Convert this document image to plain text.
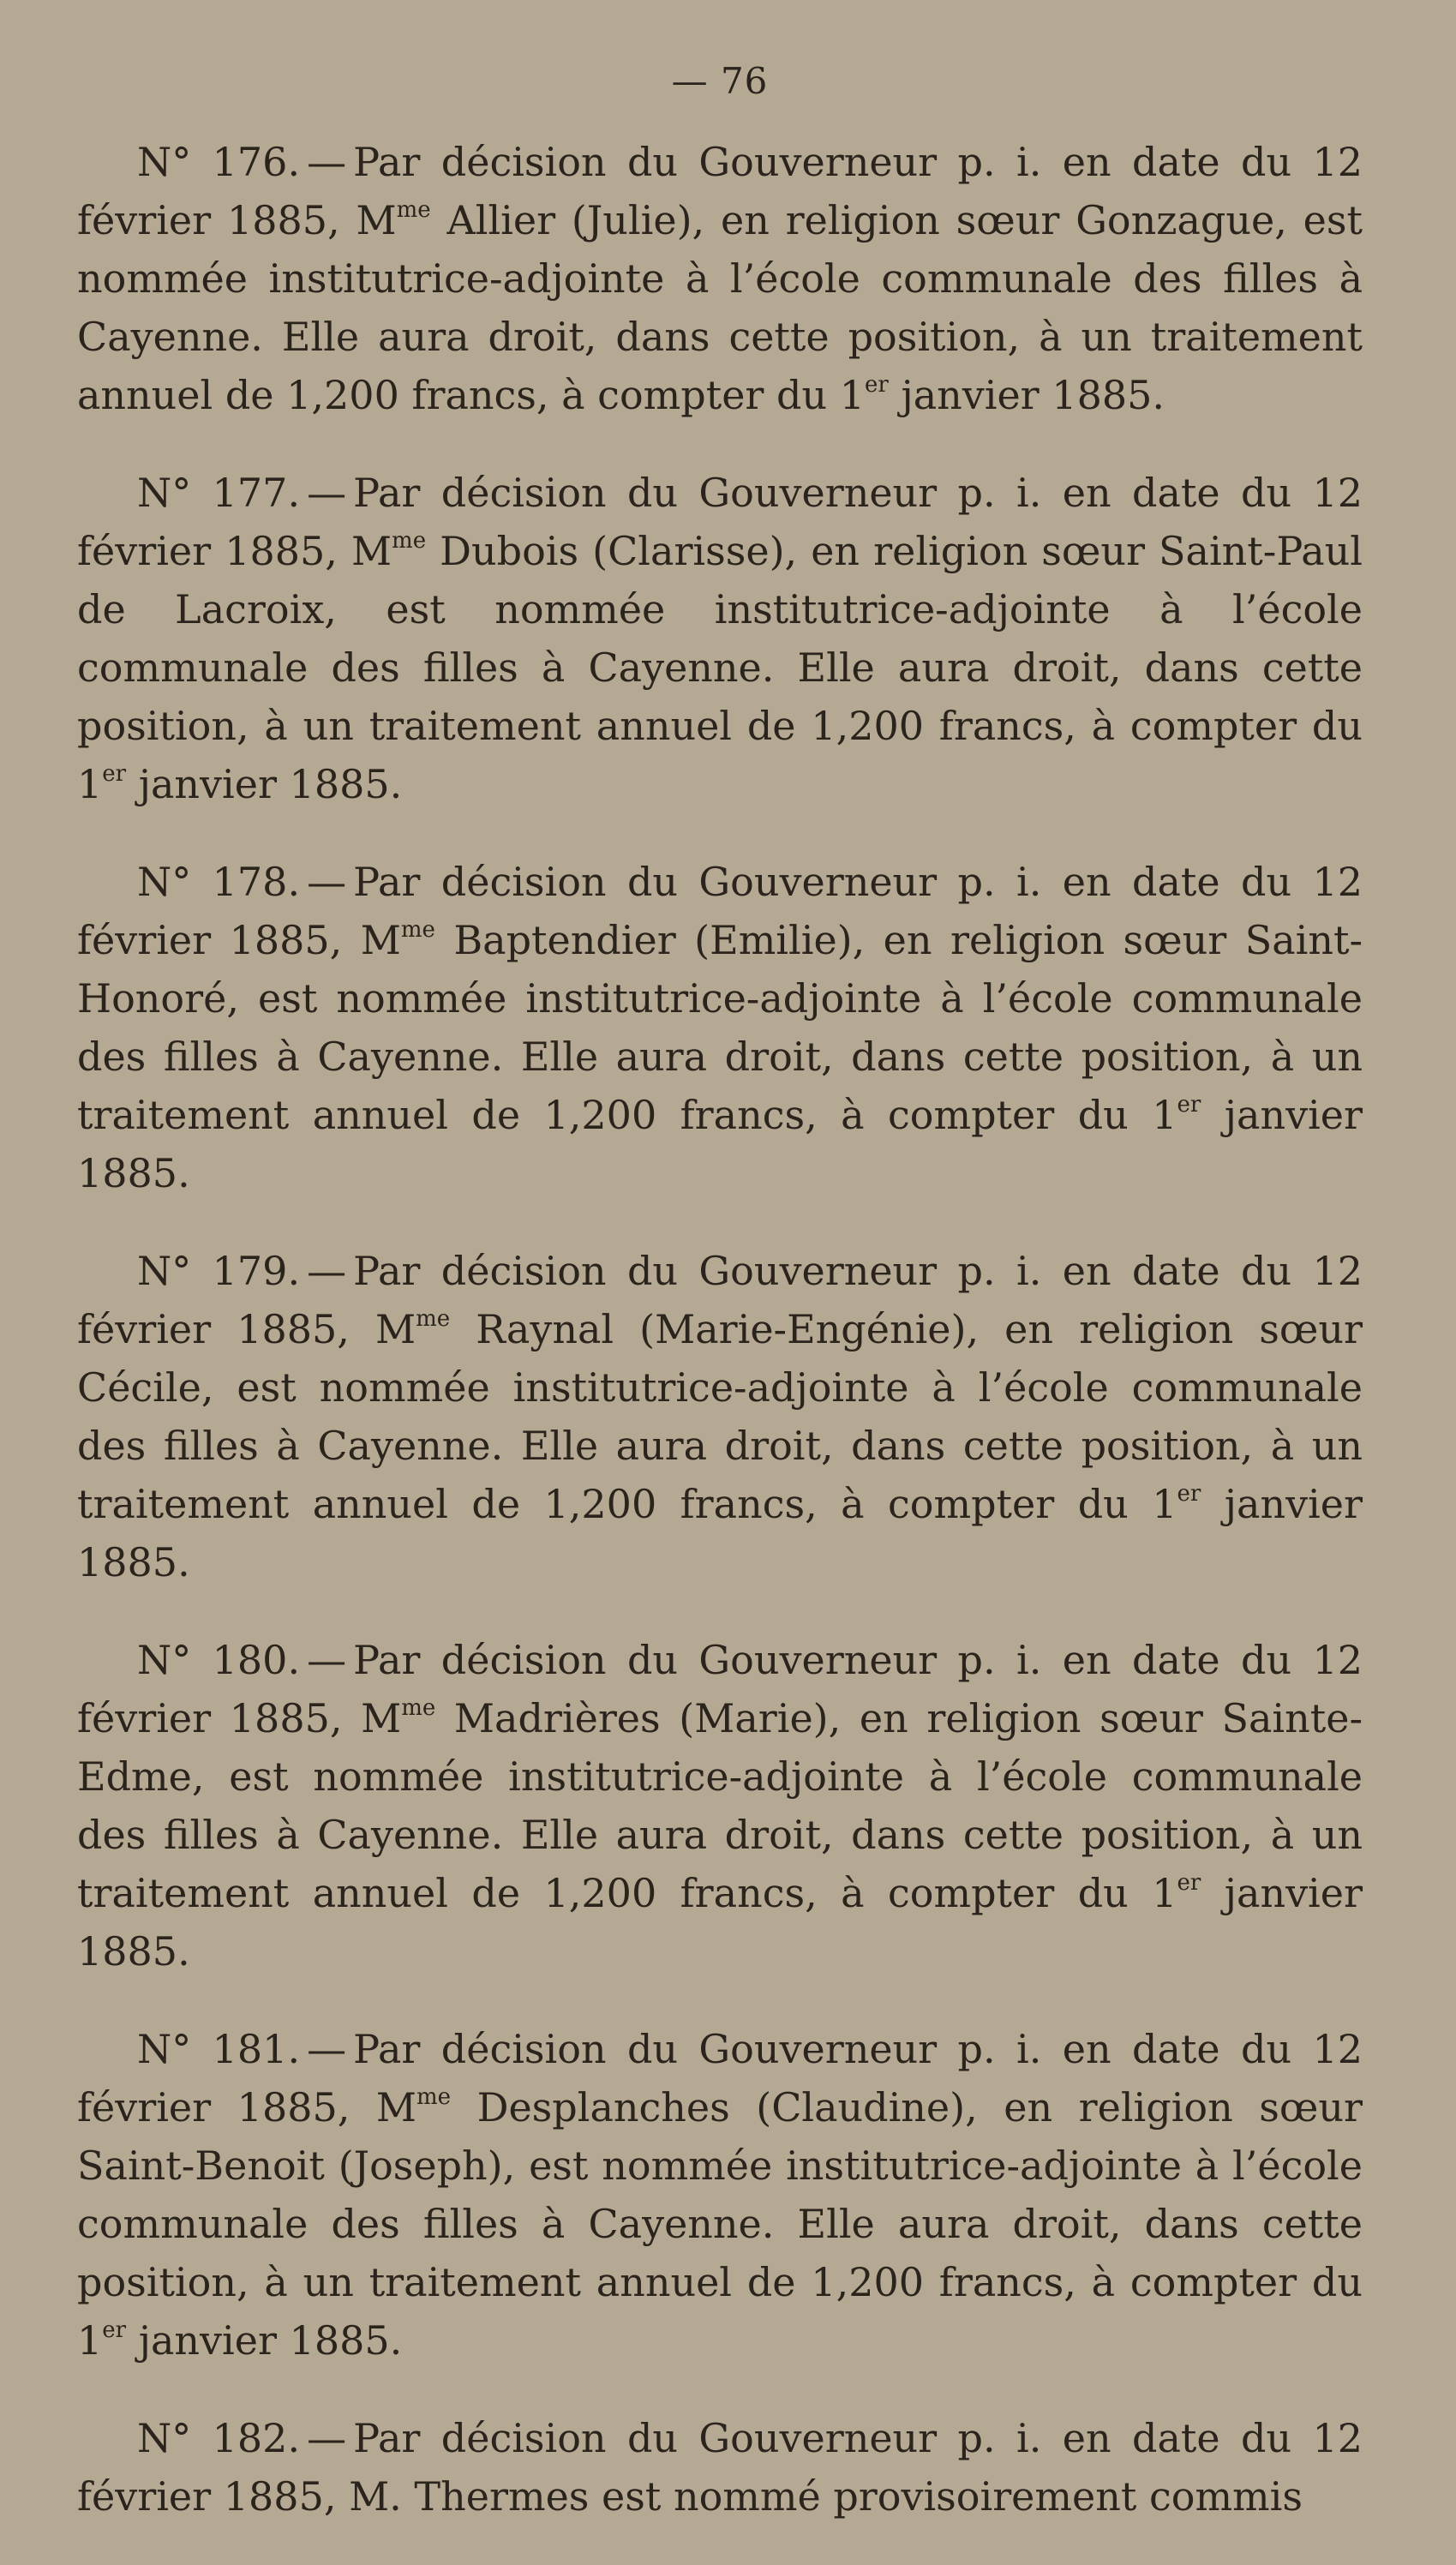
— 76

N° 176. — Par décision du Gouverneur p. i. en date du 12 février 1885, $M^{me}$ Allier (Julie), en religion sœur Gonzague, est nommée institutrice-adjointe à l’école communale des filles à Cayenne. Elle aura droit, dans cette position, à un traitement annuel de 1,200 francs, à compter du 1er janvier 1885.

N° 177. — Par décision du Gouverneur p. i. en date du 12 février 1885, $M^{me}$ Dubois (Clarisse), en religion sœur Saint-Paul de Lacroix, est nommée institutrice-adjointe à l’école communale des filles à Cayenne. Elle aura droit, dans cette position, à un traitement annuel de 1,200 francs, à compter du 1er janvier 1885.

N° 178. — Par décision du Gouverneur p. i. en date du 12 février 1885, $M^{me}$ Baptendier (Emilie), en religion sœur Saint-Honoré, est nommée institutrice-adjointe à l’école communale des filles à Cayenne. Elle aura droit, dans cette position, à un traitement annuel de 1,200 francs, à compter du 1er janvier 1885.

N° 179. — Par décision du Gouverneur p. i. en date du 12 février 1885, $M^{me}$ Raynal (Marie-Engénie), en religion sœur Cécile, est nommée institutrice-adjointe à l’école communale des filles à Cayenne. Elle aura droit, dans cette position, à un traitement annuel de 1,200 francs, à compter du 1er janvier 1885.

N° 180. — Par décision du Gouverneur p. i. en date du 12 février 1885, $M^{me}$ Madrières (Marie), en religion sœur Sainte-Edme, est nommée institutrice-adjointe à l’école communale des filles à Cayenne. Elle aura droit, dans cette position, à un traitement annuel de 1,200 francs, à compter du 1er janvier 1885.

N° 181. — Par décision du Gouverneur p. i. en date du 12 février 1885, $M^{me}$ Desplanches (Claudine), en religion sœur Saint-Benoit (Joseph), est nommée institutrice-adjointe à l’école communale des filles à Cayenne. Elle aura droit, dans cette position, à un traitement annuel de 1,200 francs, à compter du 1er janvier 1885.

N° 182. — Par décision du Gouverneur p. i. en date du 12 février 1885, M. Thermes est nommé provisoirement commis
